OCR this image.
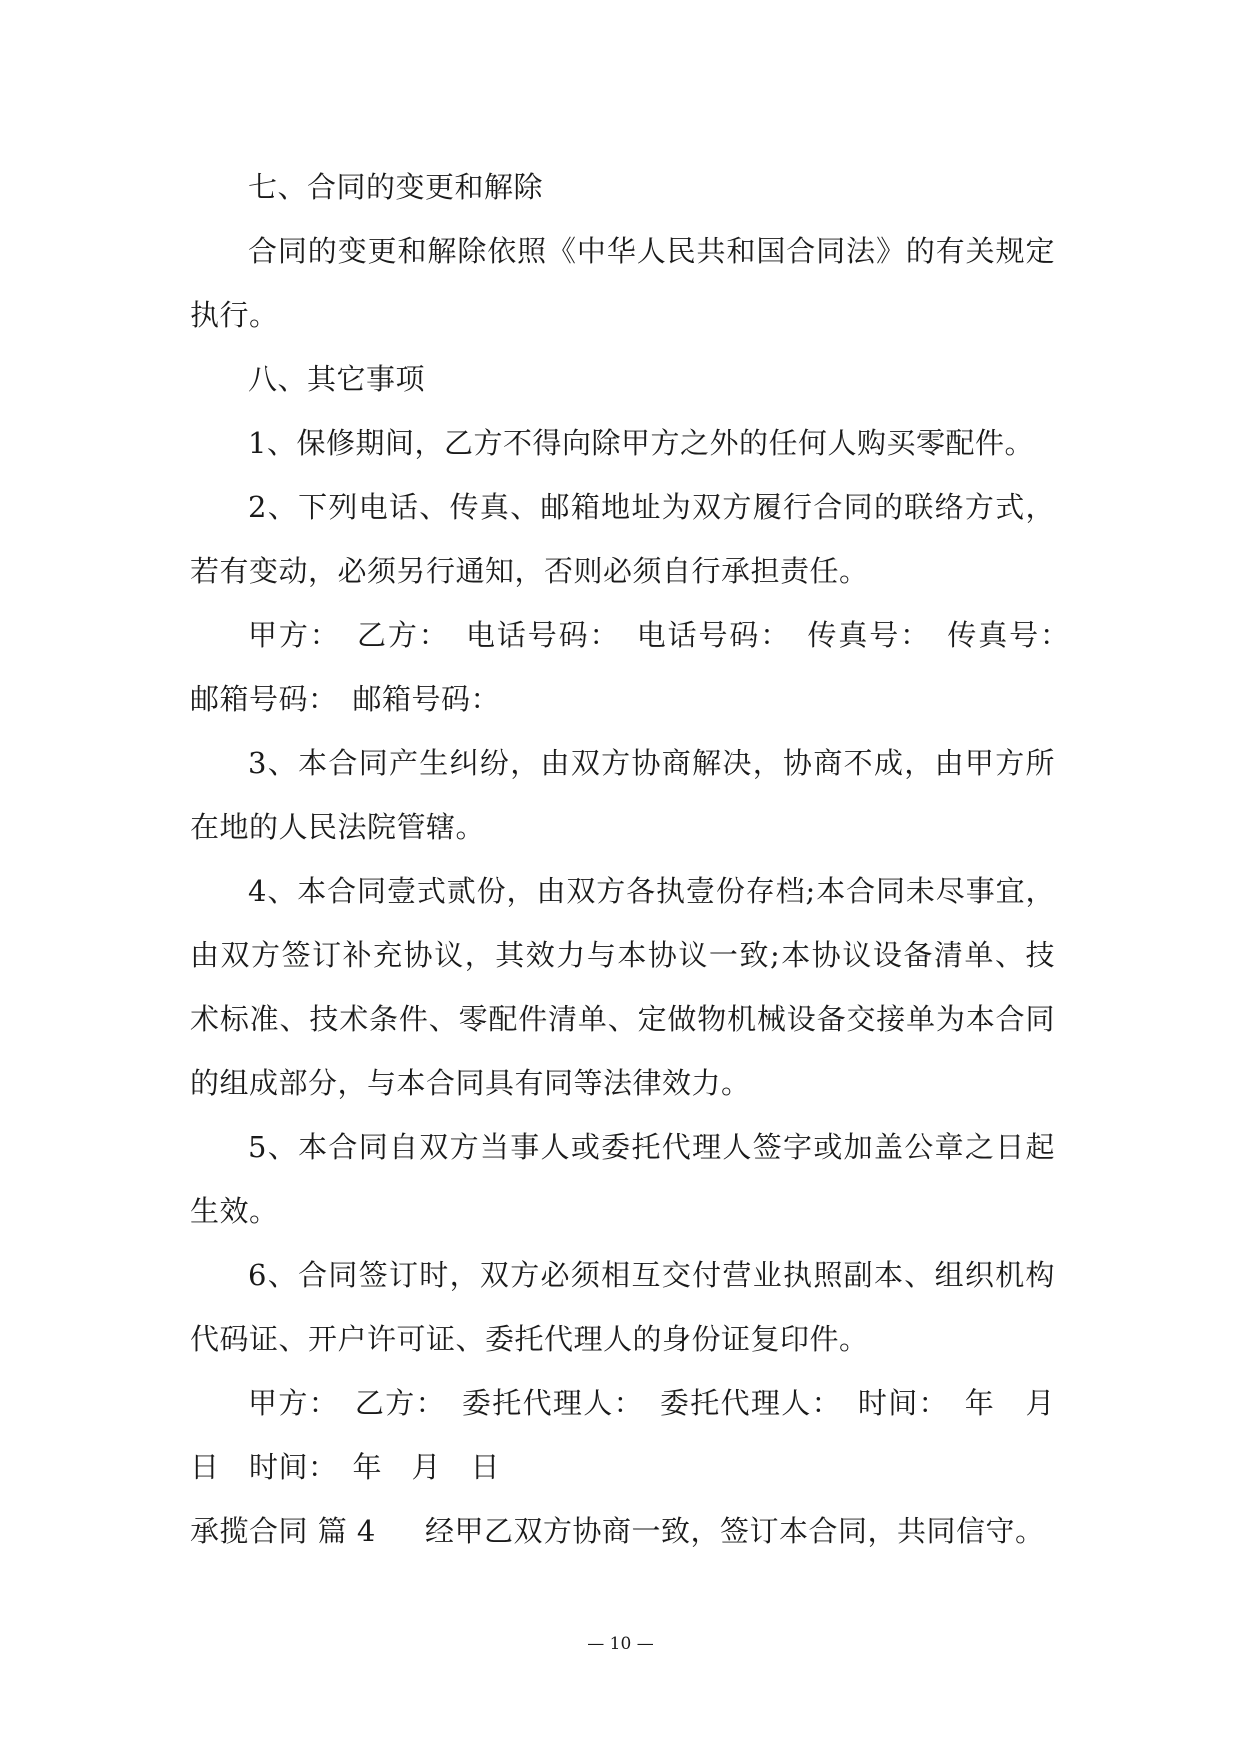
七、合同的变更和解除

合同的变更和解除依照《中华人民共和国合同法》的有关规定执行。

八、其它事项

1、保修期间，乙方不得向除甲方之外的任何人购买零配件。

2、下列电话、传真、邮箱地址为双方履行合同的联络方式，若有变动，必须另行通知，否则必须自行承担责任。

甲方：　乙方：　电话号码：　电话号码：　传真号：　传真号：　邮箱号码：　邮箱号码：

3、本合同产生纠纷，由双方协商解决，协商不成，由甲方所在地的人民法院管辖。

4、本合同壹式贰份，由双方各执壹份存档;本合同未尽事宜，由双方签订补充协议，其效力与本协议一致;本协议设备清单、技术标准、技术条件、零配件清单、定做物机械设备交接单为本合同的组成部分，与本合同具有同等法律效力。

5、本合同自双方当事人或委托代理人签字或加盖公章之日起生效。

6、合同签订时，双方必须相互交付营业执照副本、组织机构代码证、开户许可证、委托代理人的身份证复印件。

甲方：　乙方：　委托代理人：　委托代理人：　时间：　年　月　日　时间：　年　月　日

承揽合同 篇 4	经甲乙双方协商一致，签订本合同，共同信守。
— 10 —
